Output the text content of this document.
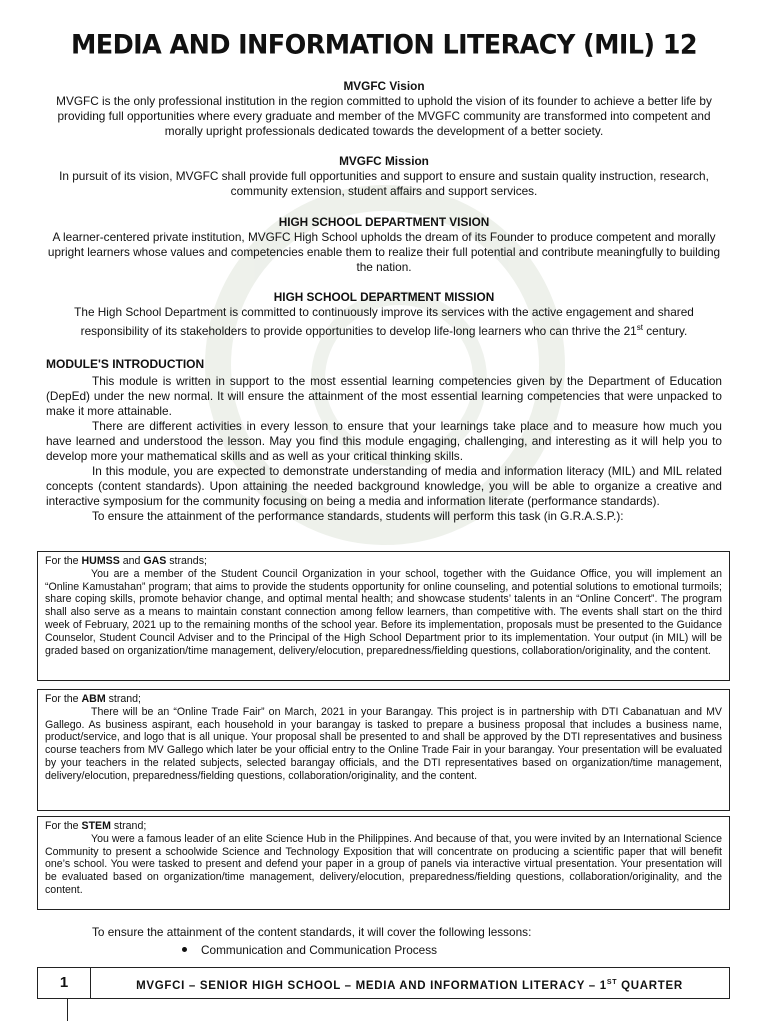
MEDIA AND INFORMATION LITERACY (MIL) 12
MVGFC Vision

MVGFC is the only professional institution in the region committed to uphold the vision of its founder to achieve a better life by providing full opportunities where every graduate and member of the MVGFC community are transformed into competent and morally upright professionals dedicated towards the development of a better society.

MVGFC Mission

In pursuit of its vision, MVGFC shall provide full opportunities and support to ensure and sustain quality instruction, research, community extension, student affairs and support services.

HIGH SCHOOL DEPARTMENT VISION

A learner-centered private institution, MVGFC High School upholds the dream of its Founder to produce competent and morally upright learners whose values and competencies enable them to realize their full potential and contribute meaningfully to building the nation.

HIGH SCHOOL DEPARTMENT MISSION

The High School Department is committed to continuously improve its services with the active engagement and shared responsibility of its stakeholders to provide opportunities to develop life-long learners who can thrive the 21st century.

MODULE'S INTRODUCTION

This module is written in support to the most essential learning competencies given by the Department of Education (DepEd) under the new normal. It will ensure the attainment of the most essential learning competencies that were unpacked to make it more attainable.

There are different activities in every lesson to ensure that your learnings take place and to measure how much you have learned and understood the lesson. May you find this module engaging, challenging, and interesting as it will help you to develop more your mathematical skills and as well as your critical thinking skills.

In this module, you are expected to demonstrate understanding of media and information literacy (MIL) and MIL related concepts (content standards). Upon attaining the needed background knowledge, you will be able to organize a creative and interactive symposium for the community focusing on being a media and information literate (performance standards).

To ensure the attainment of the performance standards, students will perform this task (in G.R.A.S.P.):

For the HUMSS and GAS strands;

You are a member of the Student Council Organization in your school, together with the Guidance Office, you will implement an “Online Kamustahan” program; that aims to provide the students opportunity for online counseling, and potential solutions to emotional turmoils; share coping skills, promote behavior change, and optimal mental health; and showcase students’ talents in an “Online Concert”. The program shall also serve as a means to maintain constant connection among fellow learners, than competitive with. The events shall start on the third week of February, 2021 up to the remaining months of the school year. Before its implementation, proposals must be presented to the Guidance Counselor, Student Council Adviser and to the Principal of the High School Department prior to its implementation. Your output (in MIL) will be graded based on organization/time management, delivery/elocution, preparedness/fielding questions, collaboration/originality, and the content.

For the ABM strand;

There will be an “Online Trade Fair” on March, 2021 in your Barangay. This project is in partnership with DTI Cabanatuan and MV Gallego. As business aspirant, each household in your barangay is tasked to prepare a business proposal that includes a business name, product/service, and logo that is all unique. Your proposal shall be presented to and shall be approved by the DTI representatives and business course teachers from MV Gallego which later be your official entry to the Online Trade Fair in your barangay. Your presentation will be evaluated by your teachers in the related subjects, selected barangay officials, and the DTI representatives based on organization/time management, delivery/elocution, preparedness/fielding questions, collaboration/originality, and the content.

For the STEM strand;

You were a famous leader of an elite Science Hub in the Philippines. And because of that, you were invited by an International Science Community to present a schoolwide Science and Technology Exposition that will concentrate on producing a scientific paper that will benefit one’s school. You were tasked to present and defend your paper in a group of panels via interactive virtual presentation. Your presentation will be evaluated based on organization/time management, delivery/elocution, preparedness/fielding questions, collaboration/originality, and the content.

To ensure the attainment of the content standards, it will cover the following lessons:
Communication and Communication Process
1	MVGFCI – SENIOR HIGH SCHOOL – MEDIA AND INFORMATION LITERACY – 1ST QUARTER
